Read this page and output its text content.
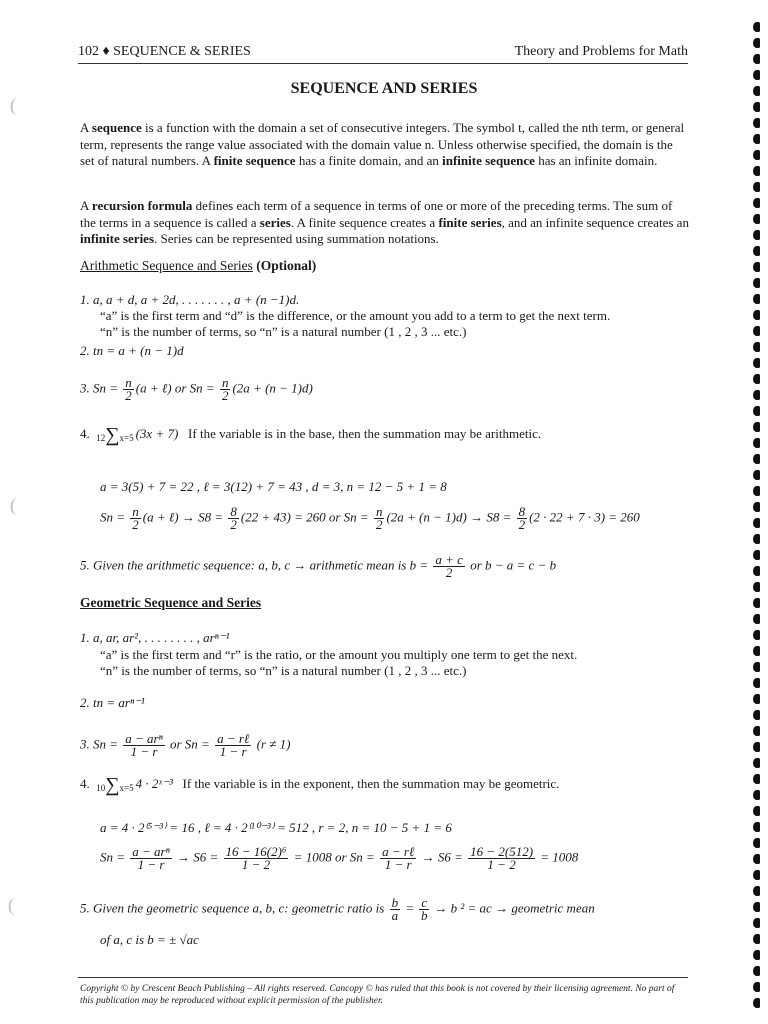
102 ♦ SEQUENCE & SERIES	Theory and Problems for Math
SEQUENCE AND SERIES
A sequence is a function with the domain a set of consecutive integers. The symbol t, called the nth term, or general term, represents the range value associated with the domain value n. Unless otherwise specified, the domain is the set of natural numbers. A finite sequence has a finite domain, and an infinite sequence has an infinite domain.
A recursion formula defines each term of a sequence in terms of one or more of the preceding terms. The sum of the terms in a sequence is called a series. A finite sequence creates a finite series, and an infinite sequence creates an infinite series. Series can be represented using summation notations.
Arithmetic Sequence and Series (Optional)
1. a, a + d, a + 2d, . . . . . . . , a + (n −1)d.
“a” is the first term and “d” is the difference, or the amount you add to a term to get the next term.
“n” is the number of terms, so “n” is a natural number (1 , 2 , 3 ... etc.)
2. tn = a + (n − 1)d
3. $Sn = \frac{n}{2} (a$ + ℓ) or $Sn = \frac{n}{2} (2a + (n - 1)d)$
4. 12∑x=5 (3x + 7) If the variable is in the base, then the summation may be arithmetic.
a = 3(5) + 7 = 22 , ℓ = 3(12) + 7 = 43 , d = 3, n = 12 − 5 + 1 = 8
$Sn = \frac{n}{2} (a$ + ℓ) → $S8 = \frac{8}{2} (22 + 43) = 260$ or $Sn = \frac{n}{2} (2a + (n - 1)d) \to S8 = \frac{8}{2} (2 \cdot 22 + 7 \cdot 3) = 260$
5. Given the arithmetic sequence: a, b, c → arithmetic mean is $b = \frac{a + c}{2}$ or b − a = c − b
Geometric Sequence and Series
1. a, ar, ar², . . . . . . . . , arⁿ⁻¹
“a” is the first term and “r” is the ratio, or the amount you multiply one term to get the next.
“n” is the number of terms, so “n” is a natural number (1 , 2 , 3 ... etc.)
2. tn = arⁿ⁻¹
3. $Sn = \frac{\text{a − arⁿ}}{1 - r}$ or $Sn = \frac{\text{a − rℓ}}{1 - r} (r \ne 1)$
4. 10∑x=5 4 · 2ˣ⁻³ If the variable is in the exponent, then the summation may be geometric.
a = 4 · 2⁽⁵⁻³⁾ = 16 , ℓ = 4 · 2⁽¹⁰⁻³⁾ = 512 , r = 2, n = 10 − 5 + 1 = 6
$Sn = \frac{\text{a − arⁿ}}{1 - r} \to S6 = \frac{\text{16 − 16(2)⁶}}{1 - 2} = 1008$ or $Sn = \frac{\text{a − rℓ}}{1 - r} \to S6 = \frac{16 - 2(512)}{1 - 2} = 1008$
5. Given the geometric sequence a, b, c: geometric ratio is $\frac{b}{a} = \frac{c}{b} \to b$ ² = ac → geometric mean
of a, c is b = ± √ac
Copyright © by Crescent Beach Publishing – All rights reserved. Cancopy © has ruled that this book is not covered by their licensing agreement. No part of this publication may be reproduced without explicit permission of the publisher.
(
(
(
